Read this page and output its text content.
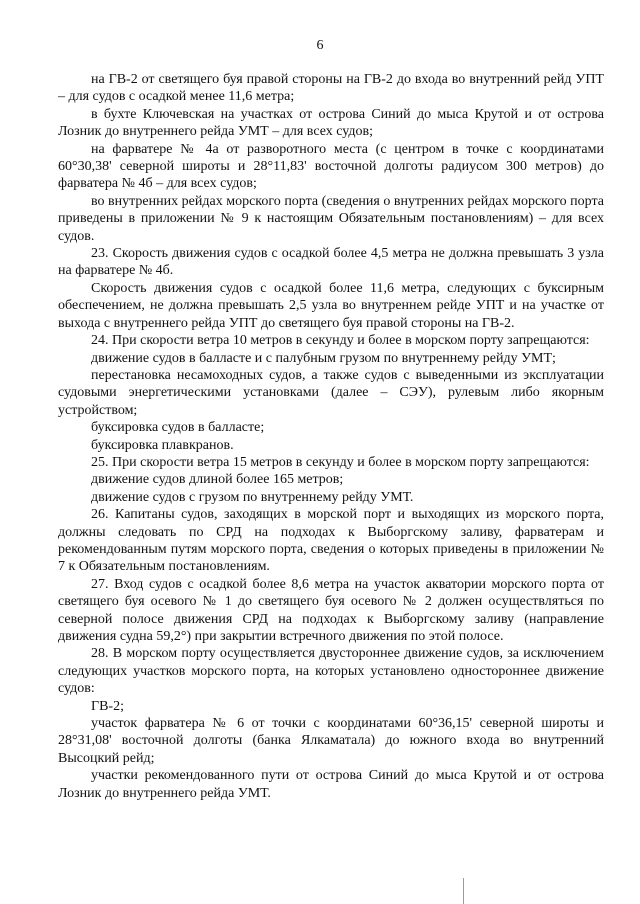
6

на ГВ-2 от светящего буя правой стороны на ГВ-2 до входа во внутренний рейд УПТ – для судов с осадкой менее 11,6 метра;

в бухте Ключевская на участках от острова Синий до мыса Крутой и от острова Лозник до внутреннего рейда УМТ – для всех судов;

на фарватере № 4а от разворотного места (с центром в точке с координатами 60°30,38' северной широты и 28°11,83' восточной долготы радиусом 300 метров) до фарватера № 4б – для всех судов;

во внутренних рейдах морского порта (сведения о внутренних рейдах морского порта приведены в приложении № 9 к настоящим Обязательным постановлениям) – для всех судов.

23. Скорость движения судов с осадкой более 4,5 метра не должна превышать 3 узла на фарватере № 4б.

Скорость движения судов с осадкой более 11,6 метра, следующих с буксирным обеспечением, не должна превышать 2,5 узла во внутреннем рейде УПТ и на участке от выхода с внутреннего рейда УПТ до светящего буя правой стороны на ГВ-2.

24. При скорости ветра 10 метров в секунду и более в морском порту запрещаются:

движение судов в балласте и с палубным грузом по внутреннему рейду УМТ;

перестановка несамоходных судов, а также судов с выведенными из эксплуатации судовыми энергетическими установками (далее – СЭУ), рулевым либо якорным устройством;

буксировка судов в балласте;

буксировка плавкранов.

25. При скорости ветра 15 метров в секунду и более в морском порту запрещаются:

движение судов длиной более 165 метров;

движение судов с грузом по внутреннему рейду УМТ.

26. Капитаны судов, заходящих в морской порт и выходящих из морского порта, должны следовать по СРД на подходах к Выборгскому заливу, фарватерам и рекомендованным путям морского порта, сведения о которых приведены в приложении № 7 к Обязательным постановлениям.

27. Вход судов с осадкой более 8,6 метра на участок акватории морского порта от светящего буя осевого № 1 до светящего буя осевого № 2 должен осуществляться по северной полосе движения СРД на подходах к Выборгскому заливу (направление движения судна 59,2°) при закрытии встречного движения по этой полосе.

28. В морском порту осуществляется двустороннее движение судов, за исключением следующих участков морского порта, на которых установлено одностороннее движение судов:

ГВ-2;

участок фарватера № 6 от точки с координатами 60°36,15' северной широты и 28°31,08' восточной долготы (банка Ялкаматала) до южного входа во внутренний Высоцкий рейд;

участки рекомендованного пути от острова Синий до мыса Крутой и от острова Лозник до внутреннего рейда УМТ.
